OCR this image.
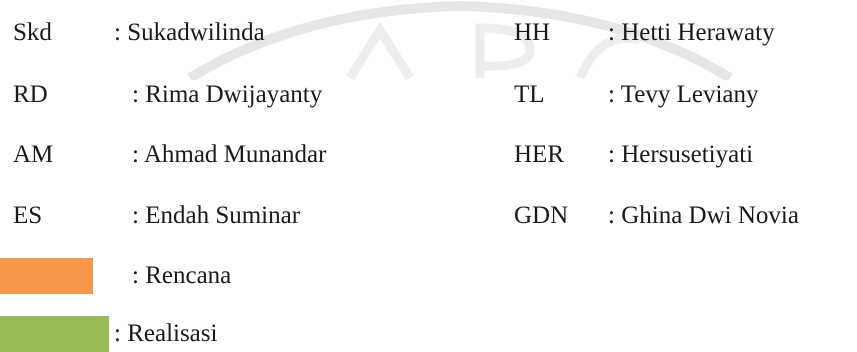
Skd : Sukadwilinda
RD	: Rima Dwijayanty
AM	: Ahmad Munandar
ES	: Endah Suminar
HH : Hetti Herawaty
TL	: Tevy Leviany
HER : Hersusetiyati
GDN : Ghina Dwi Novia
: Rencana
: Realisasi
